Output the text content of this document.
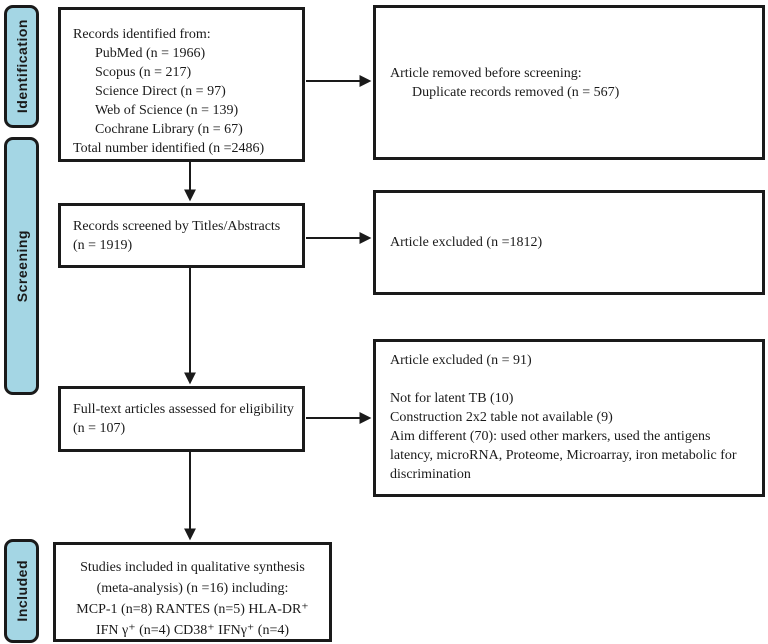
Identification
Screening
Included
Records identified from:
PubMed (n = 1966)
Scopus (n = 217)
Science Direct (n = 97)
Web of Science (n = 139)
Cochrane Library (n = 67)
Total number identified (n =2486)
Article removed before screening:
Duplicate records removed (n = 567)
Records screened by Titles/Abstracts
(n = 1919)	Article excluded (n =1812)
Full-text articles assessed for eligibility
(n = 107)
Article excluded (n = 91)
Not for latent TB (10)
Construction 2x2 table not available (9)
Aim different (70): used other markers, used the antigens latency, microRNA, Proteome, Microarray, iron metabolic for discrimination
Studies included in qualitative synthesis
(meta-analysis) (n =16) including:
MCP-1 (n=8) RANTES (n=5) HLA-DR⁺
IFN γ⁺ (n=4) CD38⁺ IFNγ⁺ (n=4)
